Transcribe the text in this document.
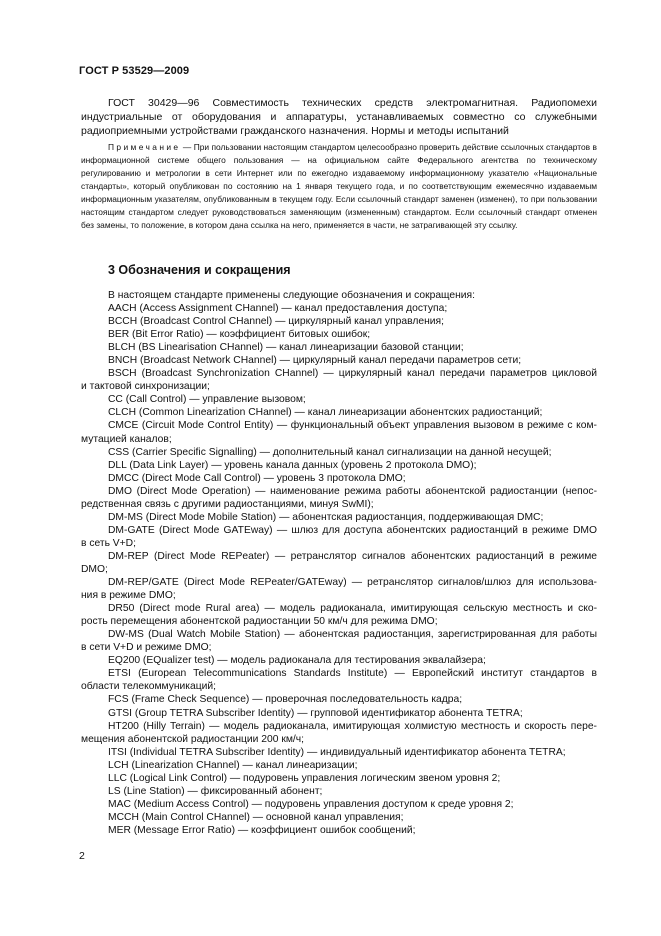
ГОСТ Р 53529—2009
ГОСТ 30429—96 Совместимость технических средств электромагнитная. Радиопомехи индустриальные от оборудования и аппаратуры, устанавливаемых совместно со служебными радиоприемными устройствами гражданского назначения. Нормы и методы испытаний
Примечание — При пользовании настоящим стандартом целесообразно проверить действие ссылочных стандартов в информационной системе общего пользования — на официальном сайте Федерального агентства по техническому регулированию и метрологии в сети Интернет или по ежегодно издаваемому информационному указателю «Национальные стандарты», который опубликован по состоянию на 1 января текущего года, и по соответствующим ежемесячно издаваемым информационным указателям, опубликованным в текущем году. Если ссылочный стандарт заменен (изменен), то при пользовании настоящим стандартом следует руководствоваться заменяющим (измененным) стандартом. Если ссылочный стандарт отменен без замены, то положение, в котором дана ссылка на него, применяется в части, не затрагивающей эту ссылку.
3 Обозначения и сокращения
В настоящем стандарте применены следующие обозначения и сокращения:
AACH (Access Assignment CHannel) — канал предоставления доступа;
BCCH (Broadcast Control CHannel) — циркулярный канал управления;
BER (Bit Error Ratio) — коэффициент битовых ошибок;
BLCH (BS Linearisation CHannel) — канал линеаризации базовой станции;
BNCH (Broadcast Network CHannel) — циркулярный канал передачи параметров сети;
BSCH (Broadcast Synchronization CHannel) — циркулярный канал передачи параметров цикловой
и тактовой синхронизации;
CC (Call Control) — управление вызовом;
CLCH (Common Linearization CHannel) — канал линеаризации абонентских радиостанций;
CMCE (Circuit Mode Control Entity) — функциональный объект управления вызовом в режиме с ком-
мутацией каналов;
CSS (Carrier Specific Signalling) — дополнительный канал сигнализации на данной несущей;
DLL (Data Link Layer) — уровень канала данных (уровень 2 протокола DMO);
DMCC (Direct Mode Call Control) — уровень 3 протокола DMO;
DMO (Direct Mode Operation) — наименование режима работы абонентской радиостанции (непос-
редственная связь с другими радиостанциями, минуя SwMI);
DM-MS (Direct Mode Mobile Station) — абонентская радиостанция, поддерживающая DMC;
DM-GATE (Direct Mode GATEway) — шлюз для доступа абонентских радиостанций в режиме DMO
в сеть V+D;
DM-REP (Direct Mode REPeater) — ретранслятор сигналов абонентских радиостанций в режиме
DMO;
DM-REP/GATE (Direct Mode REPeater/GATEway) — ретранслятор сигналов/шлюз для использова-
ния в режиме DMO;
DR50 (Direct mode Rural area) — модель радиоканала, имитирующая сельскую местность и ско-
рость перемещения абонентской радиостанции 50 км/ч для режима DMO;
DW-MS (Dual Watch Mobile Station) — абонентская радиостанция, зарегистрированная для работы
в сети V+D и режиме DMO;
EQ200 (EQualizer test) — модель радиоканала для тестирования эквалайзера;
ETSI (European Telecommunications Standards Institute) — Европейский институт стандартов в
области телекоммуникаций;
FCS (Frame Check Sequence) — проверочная последовательность кадра;
GTSI (Group TETRA Subscriber Identity) — групповой идентификатор абонента TETRA;
HT200 (Hilly Terrain) — модель радиоканала, имитирующая холмистую местность и скорость пере-
мещения абонентской радиостанции 200 км/ч;
ITSI (Individual TETRA Subscriber Identity) — индивидуальный идентификатор абонента TETRA;
LCH (Linearization CHannel) — канал линеаризации;
LLC (Logical Link Control) — подуровень управления логическим звеном уровня 2;
LS (Line Station) — фиксированный абонент;
MAC (Medium Access Control) — подуровень управления доступом к среде уровня 2;
MCCH (Main Control CHannel) — основной канал управления;
MER (Message Error Ratio) — коэффициент ошибок сообщений;
2
